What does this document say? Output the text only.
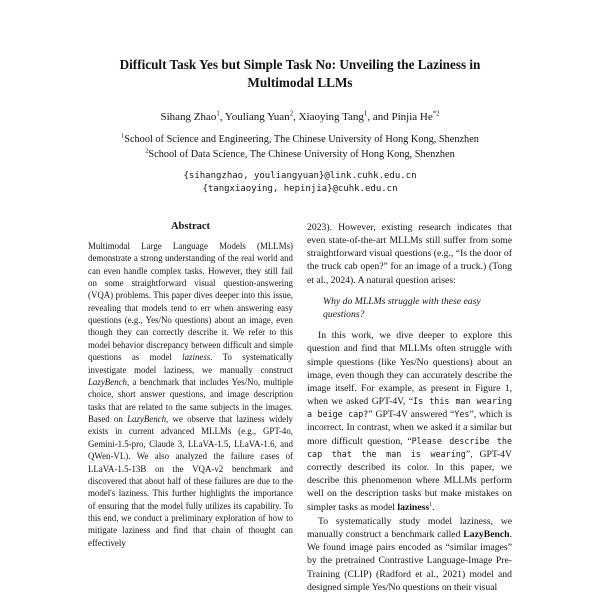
Difficult Task Yes but Simple Task No: Unveiling the Laziness in Multimodal LLMs
Sihang Zhao$^1$, Youliang Yuan$^2$, Xiaoying Tang$^1$, and Pinjia He$^{*2}$
$^1$School of Science and Engineering, The Chinese University of Hong Kong, Shenzhen
$^2$School of Data Science, The Chinese University of Hong Kong, Shenzhen
{sihangzhao, youliangyuan}@link.cuhk.edu.cn
{tangxiaoying, hepinjia}@cuhk.edu.cn
Abstract

Multimodal Large Language Models (MLLMs) demonstrate a strong understanding of the real world and can even handle complex tasks. However, they still fail on some straightforward visual question-answering (VQA) problems. This paper dives deeper into this issue, revealing that models tend to err when answering easy questions (e.g., Yes/No questions) about an image, even though they can correctly describe it. We refer to this model behavior discrepancy between difficult and simple questions as model laziness. To systematically investigate model laziness, we manually construct LazyBench, a benchmark that includes Yes/No, multiple choice, short answer questions, and image description tasks that are related to the same subjects in the images. Based on LazyBench, we observe that laziness widely exists in current advanced MLLMs (e.g., GPT-4o, Gemini-1.5-pro, Claude 3, LLaVA-1.5, LLaVA-1.6, and QWen-VL). We also analyzed the failure cases of LLaVA-1.5-13B on the VQA-v2 benchmark and discovered that about half of these failures are due to the model's laziness. This further highlights the importance of ensuring that the model fully utilizes its capability. To this end, we conduct a preliminary exploration of how to mitigate laziness and find that chain of thought can effectively

2023). However, existing research indicates that even state-of-the-art MLLMs still suffer from some straightforward visual questions (e.g., “Is the door of the truck cab open?” for an image of a truck.) (Tong et al., 2024). A natural question arises:

Why do MLLMs struggle with these easy questions?

In this work, we dive deeper to explore this question and find that MLLMs often struggle with simple questions (like Yes/No questions) about an image, even though they can accurately describe the image itself. For example, as present in Figure 1, when we asked GPT-4V, “Is this man wearing a beige cap?” GPT-4V answered “Yes”, which is incorrect. In contrast, when we asked it a similar but more difficult question, “Please describe the cap that the man is wearing”, GPT-4V correctly described its color. In this paper, we describe this phenomenon where MLLMs perform well on the description tasks but make mistakes on simpler tasks as model laziness$^1$.

To systematically study model laziness, we manually construct a benchmark called LazyBench. We found image pairs encoded as “similar images” by the pretrained Contrastive Language-Image Pre-Training (CLIP) (Radford et al., 2021) model and designed simple Yes/No questions on their visual
